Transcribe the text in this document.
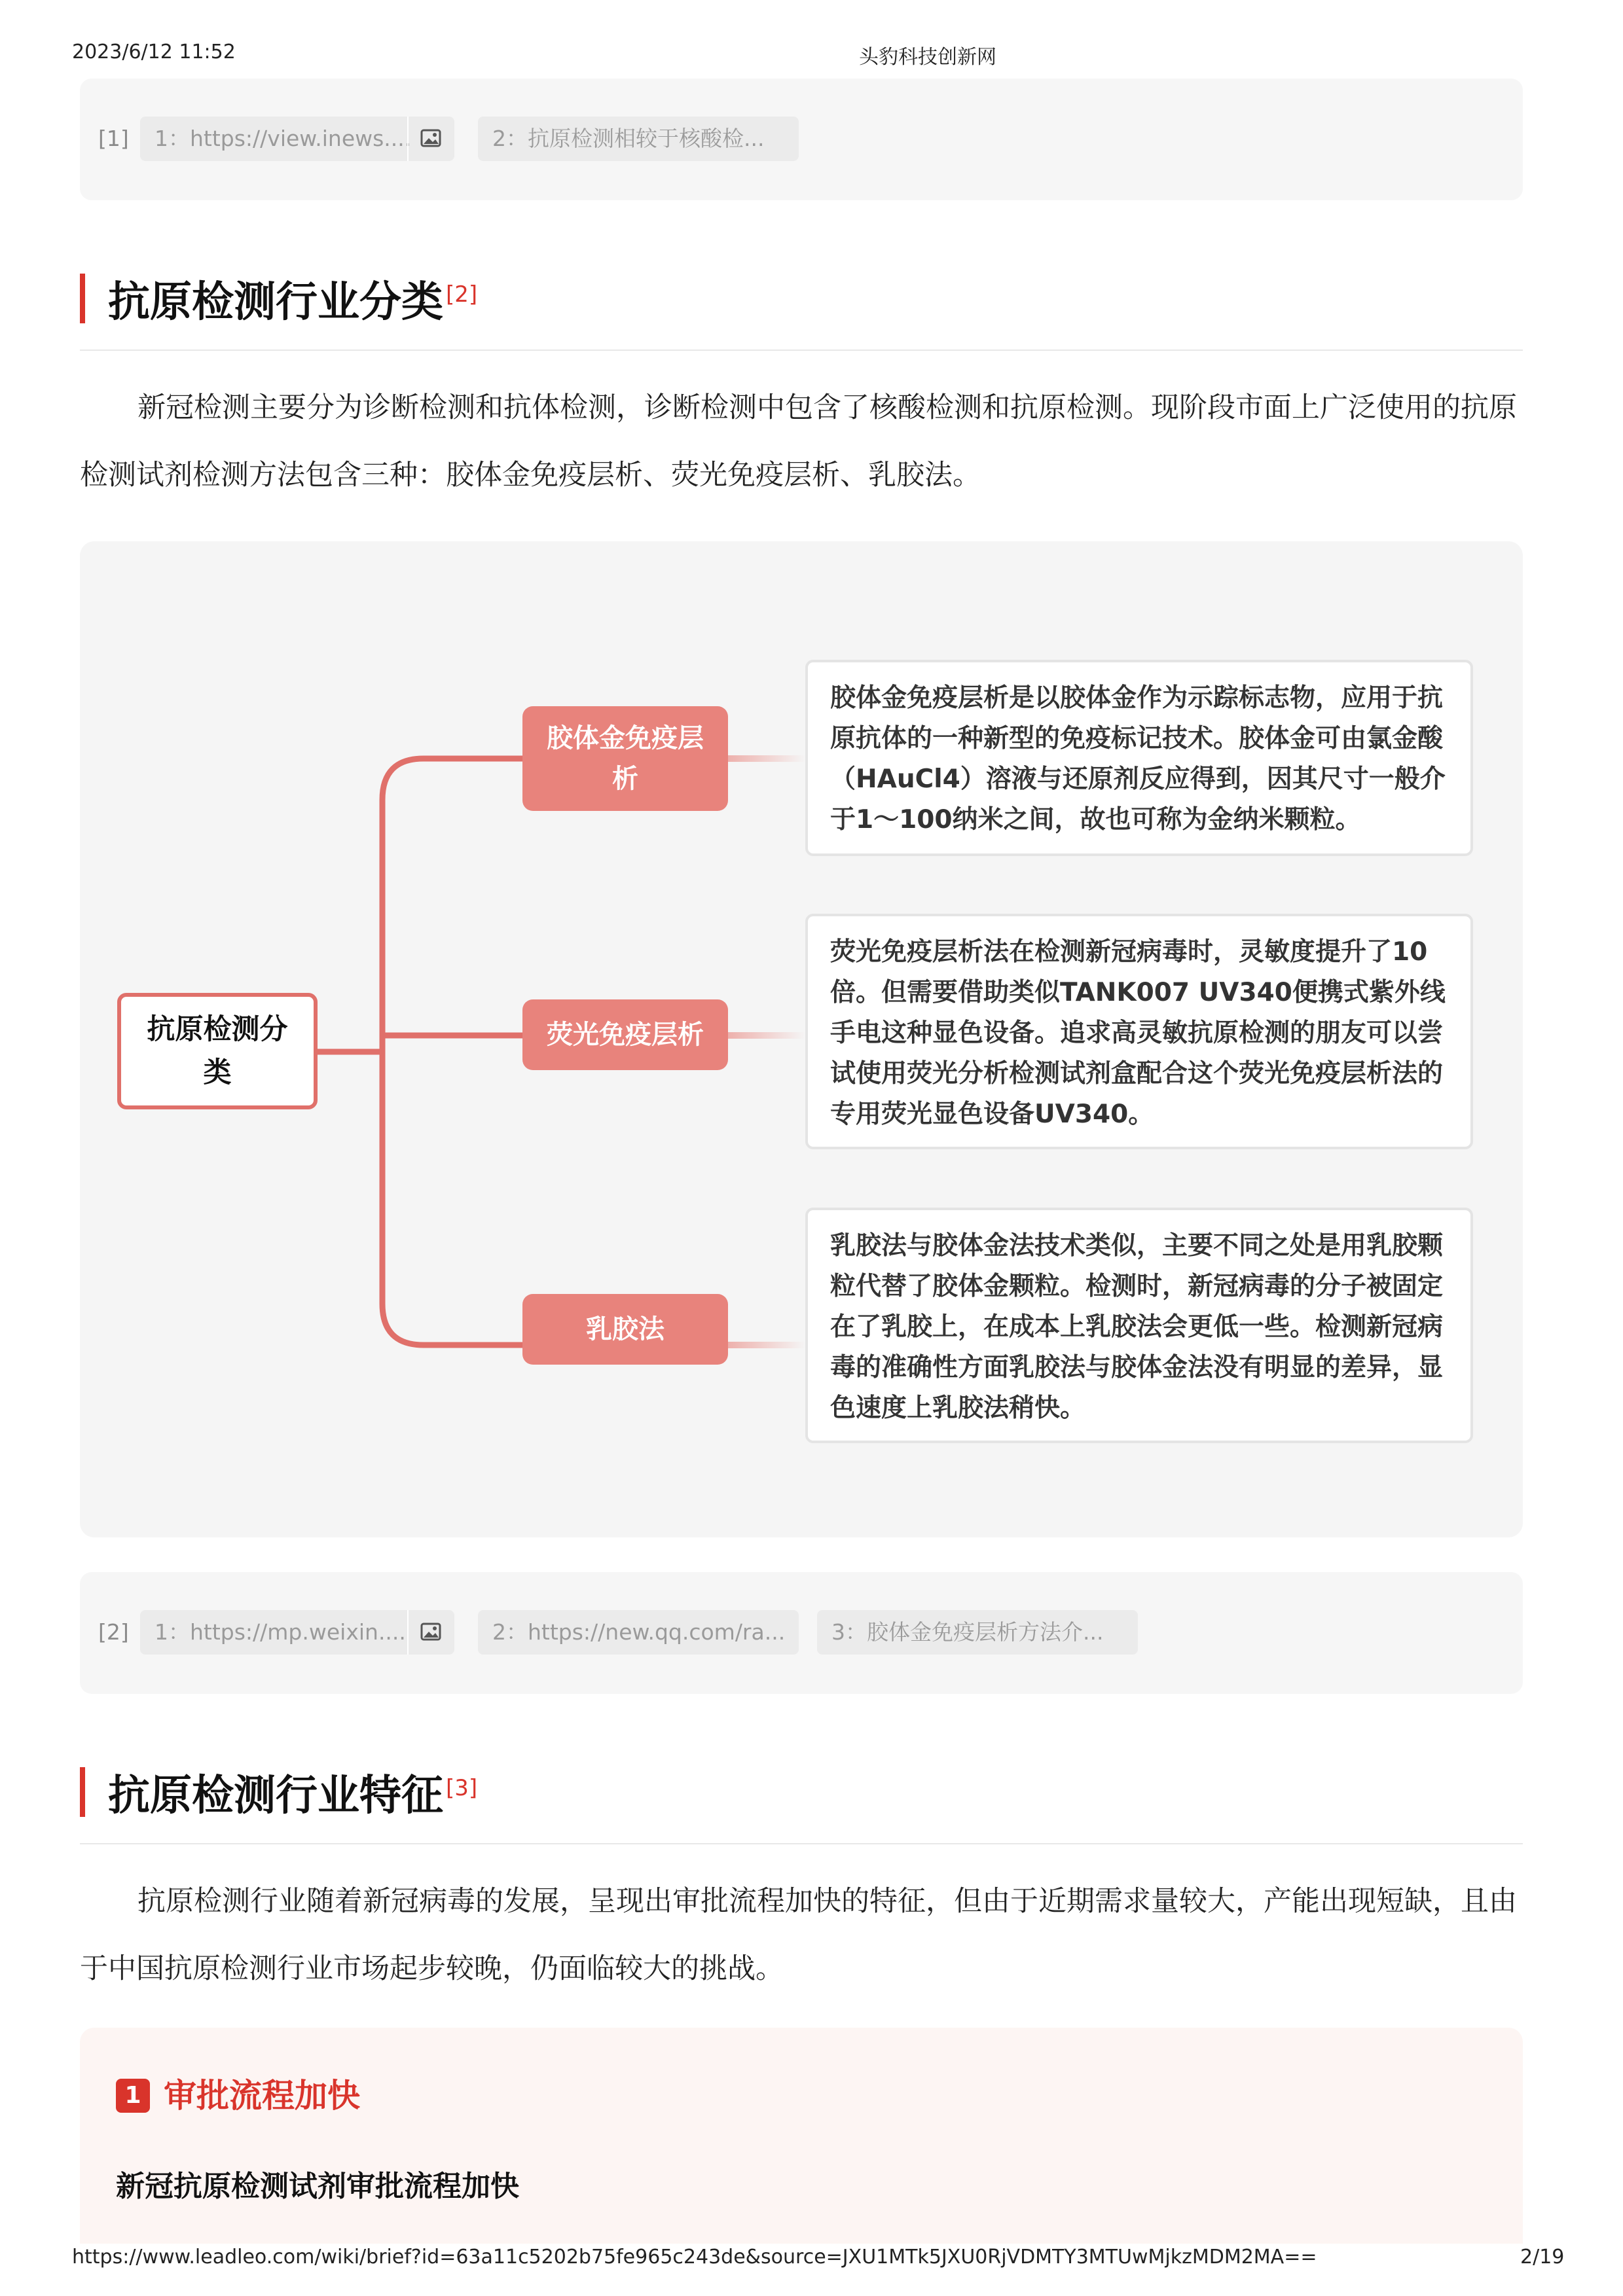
2023/6/12 11:52	头豹科技创新网
[1]	1：https://view.inews....	2：抗原检测相较于核酸检...
抗原检测行业分类 [2]

新冠检测主要分为诊断检测和抗体检测，诊断检测中包含了核酸检测和抗原检测。现阶段市面上广泛使用的抗原检测试剂检测方法包含三种：胶体金免疫层析、荧光免疫层析、乳胶法。

抗原检测分类
胶体金免疫层析
荧光免疫层析
乳胶法
胶体金免疫层析是以胶体金作为示踪标志物，应用于抗原抗体的一种新型的免疫标记技术。胶体金可由氯金酸（HAuCl4）溶液与还原剂反应得到，因其尺寸一般介于1～100纳米之间，故也可称为金纳米颗粒。
荧光免疫层析法在检测新冠病毒时，灵敏度提升了10倍。但需要借助类似TANK007 UV340便携式紫外线手电这种显色设备。追求高灵敏抗原检测的朋友可以尝试使用荧光分析检测试剂盒配合这个荧光免疫层析法的专用荧光显色设备UV340。
乳胶法与胶体金法技术类似，主要不同之处是用乳胶颗粒代替了胶体金颗粒。检测时，新冠病毒的分子被固定在了乳胶上，在成本上乳胶法会更低一些。检测新冠病毒的准确性方面乳胶法与胶体金法没有明显的差异，显色速度上乳胶法稍快。
[2]	1：https://mp.weixin....	2：https://new.qq.com/ra...	3：胶体金免疫层析方法介...
抗原检测行业特征 [3]

抗原检测行业随着新冠病毒的发展，呈现出审批流程加快的特征，但由于近期需求量较大，产能出现短缺，且由于中国抗原检测行业市场起步较晚，仍面临较大的挑战。

1 审批流程加快
新冠抗原检测试剂审批流程加快
https://www.leadleo.com/wiki/brief?id=63a11c5202b75fe965c243de&source=JXU1MTk5JXU0RjVDMTY3MTUwMjkzMDM2MA==	2/19
